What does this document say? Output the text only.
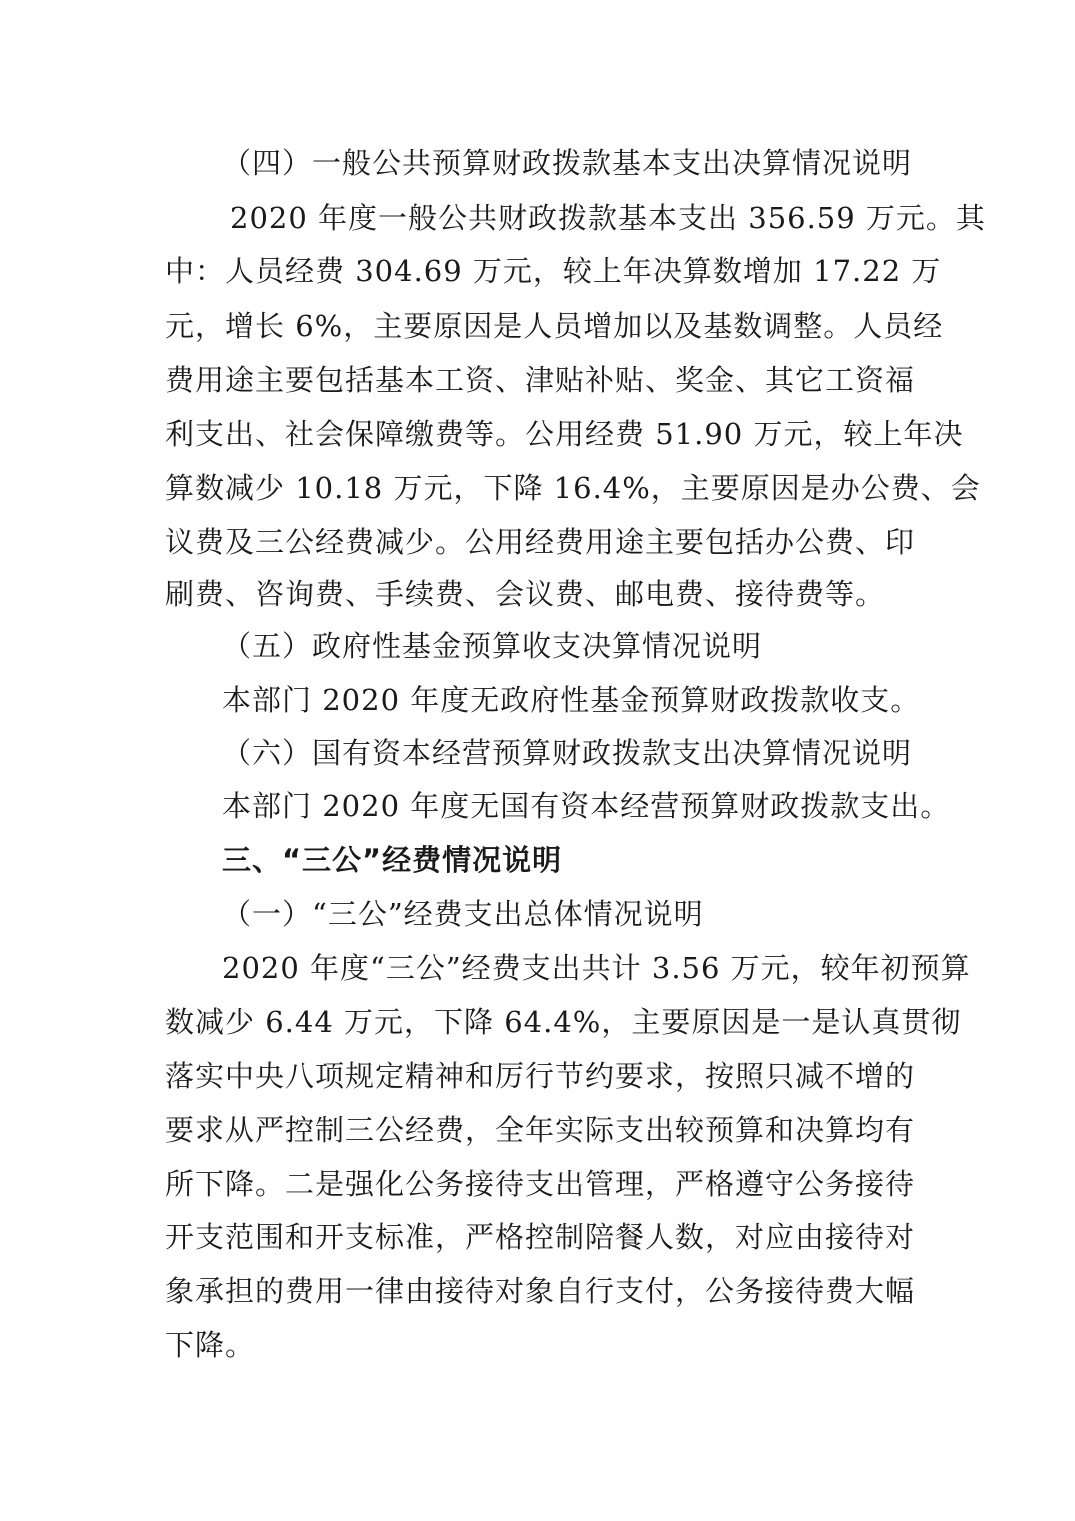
（四）一般公共预算财政拨款基本支出决算情况说明
2020 年度一般公共财政拨款基本支出 356.59 万元。其
中：人员经费 304.69 万元，较上年决算数增加 17.22 万
元，增长 6%，主要原因是人员增加以及基数调整。人员经
费用途主要包括基本工资、津贴补贴、奖金、其它工资福
利支出、社会保障缴费等。公用经费 51.90 万元，较上年决
算数减少 10.18 万元，下降 16.4%，主要原因是办公费、会
议费及三公经费减少。公用经费用途主要包括办公费、印
刷费、咨询费、手续费、会议费、邮电费、接待费等。
（五）政府性基金预算收支决算情况说明
本部门 2020 年度无政府性基金预算财政拨款收支。
（六）国有资本经营预算财政拨款支出决算情况说明
本部门 2020 年度无国有资本经营预算财政拨款支出。
三、“三公”经费情况说明
（一）“三公”经费支出总体情况说明
2020 年度“三公”经费支出共计 3.56 万元，较年初预算
数减少 6.44 万元，下降 64.4%，主要原因是一是认真贯彻
落实中央八项规定精神和厉行节约要求，按照只减不增的
要求从严控制三公经费，全年实际支出较预算和决算均有
所下降。二是强化公务接待支出管理，严格遵守公务接待
开支范围和开支标准，严格控制陪餐人数，对应由接待对
象承担的费用一律由接待对象自行支付，公务接待费大幅
下降。
